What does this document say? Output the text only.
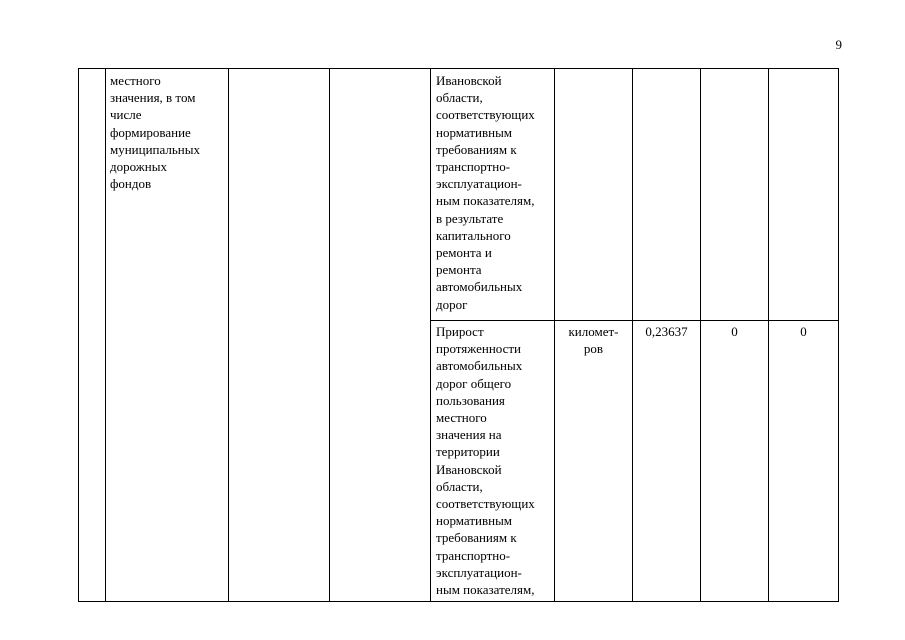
9
местного
значения, в том
числе
формирование
муниципальных
дорожных
фондов
Ивановской
области,
соответствующих
нормативным
требованиям к
транспортно-
эксплуатацион-
ным показателям,
в результате
капитального
ремонта и
ремонта
автомобильных
дорог
Прирост
протяженности
автомобильных
дорог общего
пользования
местного
значения на
территории
Ивановской
области,
соответствующих
нормативным
требованиям к
транспортно-
эксплуатацион-
ным показателям,
километ-
ров
0,23637	0	0
